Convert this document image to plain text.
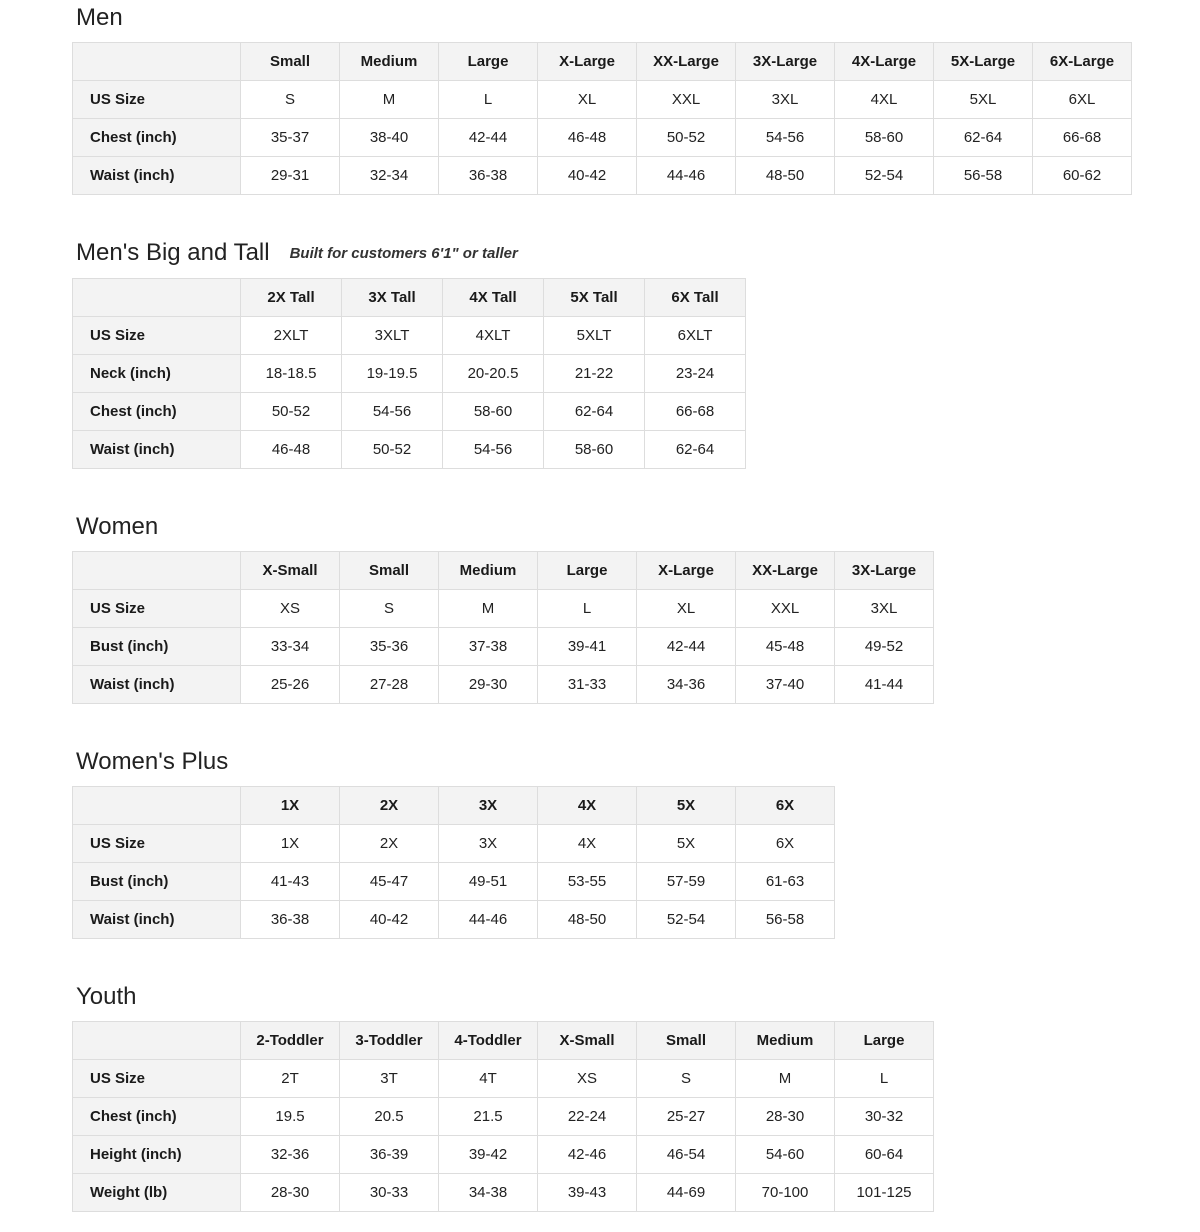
Men
	Small	Medium	Large	X-Large	XX-Large	3X-Large	4X-Large	5X-Large	6X-Large
US Size	S	M	L	XL	XXL	3XL	4XL	5XL	6XL
Chest (inch)	35-37	38-40	42-44	46-48	50-52	54-56	58-60	62-64	66-68
Waist (inch)	29-31	32-34	36-38	40-42	44-46	48-50	52-54	56-58	60-62
Men's Big and Tall Built for customers 6'1" or taller
	2X Tall	3X Tall	4X Tall	5X Tall	6X Tall
US Size	2XLT	3XLT	4XLT	5XLT	6XLT
Neck (inch)	18-18.5	19-19.5	20-20.5	21-22	23-24
Chest (inch)	50-52	54-56	58-60	62-64	66-68
Waist (inch)	46-48	50-52	54-56	58-60	62-64
Women
	X-Small	Small	Medium	Large	X-Large	XX-Large	3X-Large
US Size	XS	S	M	L	XL	XXL	3XL
Bust (inch)	33-34	35-36	37-38	39-41	42-44	45-48	49-52
Waist (inch)	25-26	27-28	29-30	31-33	34-36	37-40	41-44
Women's Plus
	1X	2X	3X	4X	5X	6X
US Size	1X	2X	3X	4X	5X	6X
Bust (inch)	41-43	45-47	49-51	53-55	57-59	61-63
Waist (inch)	36-38	40-42	44-46	48-50	52-54	56-58
Youth
	2-Toddler	3-Toddler	4-Toddler	X-Small	Small	Medium	Large
US Size	2T	3T	4T	XS	S	M	L
Chest (inch)	19.5	20.5	21.5	22-24	25-27	28-30	30-32
Height (inch)	32-36	36-39	39-42	42-46	46-54	54-60	60-64
Weight (lb)	28-30	30-33	34-38	39-43	44-69	70-100	101-125
